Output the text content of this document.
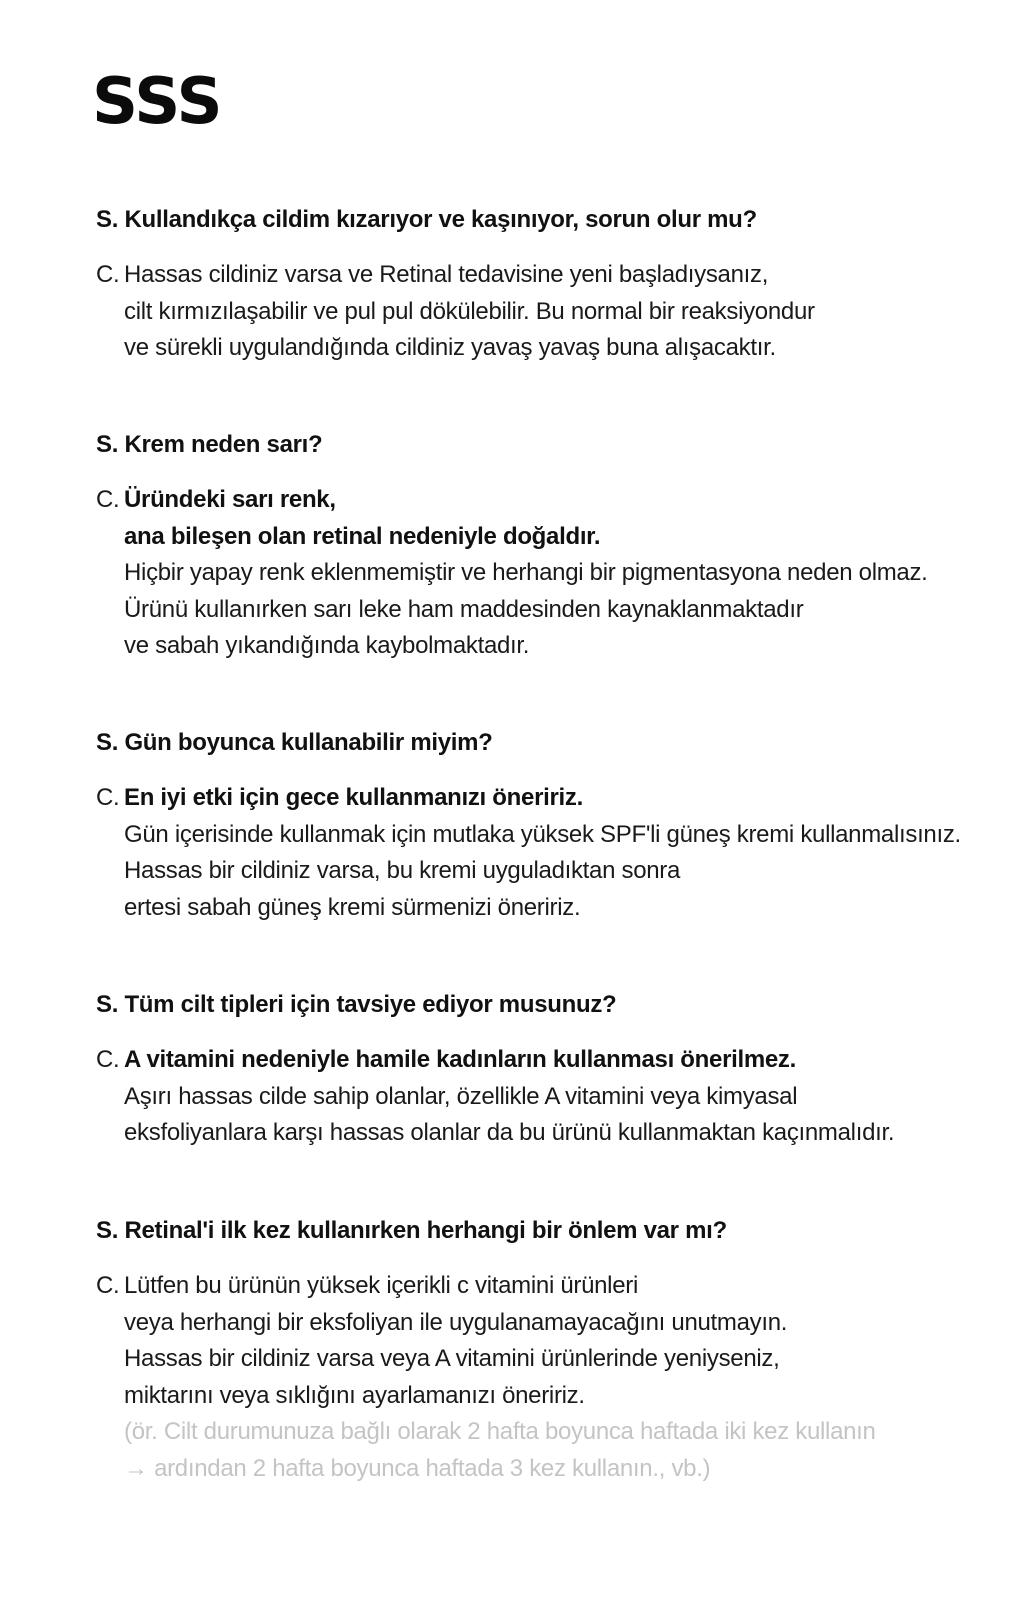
SSS

S. Kullandıkça cildim kızarıyor ve kaşınıyor, sorun olur mu?

C. Hassas cildiniz varsa ve Retinal tedavisine yeni başladıysanız,
cilt kırmızılaşabilir ve pul pul dökülebilir. Bu normal bir reaksiyondur
ve sürekli uygulandığında cildiniz yavaş yavaş buna alışacaktır.

S. Krem neden sarı?

C. Üründeki sarı renk,
ana bileşen olan retinal nedeniyle doğaldır.
Hiçbir yapay renk eklenmemiştir ve herhangi bir pigmentasyona neden olmaz.
Ürünü kullanırken sarı leke ham maddesinden kaynaklanmaktadır
ve sabah yıkandığında kaybolmaktadır.

S. Gün boyunca kullanabilir miyim?

C. En iyi etki için gece kullanmanızı öneririz.
Gün içerisinde kullanmak için mutlaka yüksek SPF'li güneş kremi kullanmalısınız.
Hassas bir cildiniz varsa, bu kremi uyguladıktan sonra
ertesi sabah güneş kremi sürmenizi öneririz.

S. Tüm cilt tipleri için tavsiye ediyor musunuz?

C. A vitamini nedeniyle hamile kadınların kullanması önerilmez.
Aşırı hassas cilde sahip olanlar, özellikle A vitamini veya kimyasal
eksfoliyanlara karşı hassas olanlar da bu ürünü kullanmaktan kaçınmalıdır.

S. Retinal'i ilk kez kullanırken herhangi bir önlem var mı?

C. Lütfen bu ürünün yüksek içerikli c vitamini ürünleri
veya herhangi bir eksfoliyan ile uygulanamayacağını unutmayın.
Hassas bir cildiniz varsa veya A vitamini ürünlerinde yeniyseniz,
miktarını veya sıklığını ayarlamanızı öneririz.
(ör. Cilt durumunuza bağlı olarak 2 hafta boyunca haftada iki kez kullanın
→ ardından 2 hafta boyunca haftada 3 kez kullanın., vb.)
